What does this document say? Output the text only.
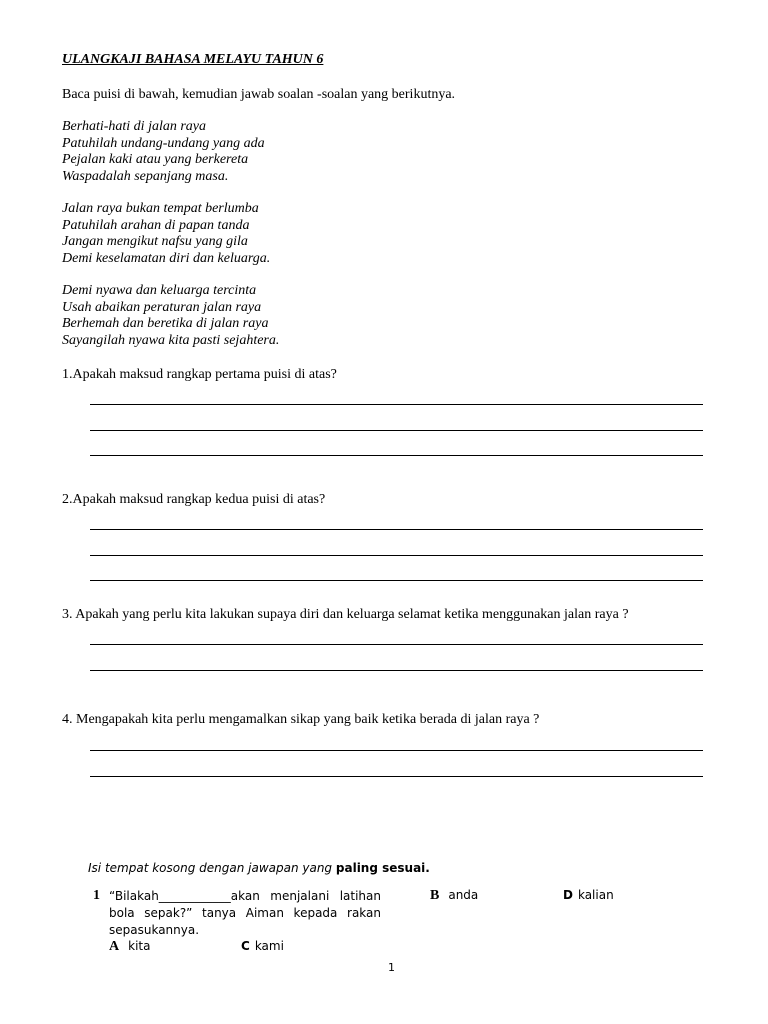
ULANGKAJI BAHASA MELAYU TAHUN 6
Baca puisi di bawah, kemudian jawab soalan -soalan yang berikutnya.
Berhati-hati di jalan raya
Patuhilah undang-undang yang ada
Pejalan kaki atau yang berkereta
Waspadalah sepanjang masa.
Jalan raya bukan tempat berlumba
Patuhilah arahan di papan tanda
Jangan mengikut nafsu yang gila
Demi keselamatan diri dan keluarga.
Demi nyawa dan keluarga tercinta
Usah abaikan peraturan jalan raya
Berhemah dan beretika di jalan raya
Sayangilah nyawa kita pasti sejahtera.
1.Apakah maksud rangkap pertama puisi di atas?
2.Apakah maksud rangkap kedua puisi di atas?
3. Apakah yang perlu kita lakukan supaya diri dan keluarga selamat ketika menggunakan jalan raya ?
4. Mengapakah kita perlu mengamalkan sikap yang baik ketika berada di jalan raya ?
Isi tempat kosong dengan jawapan yang paling sesuai.
1 “Bilakah____________akan menjalani latihan bola sepak?” tanya Aiman kepada rakan sepasukannya.
A kita
B anda
C kami
D kalian
1
